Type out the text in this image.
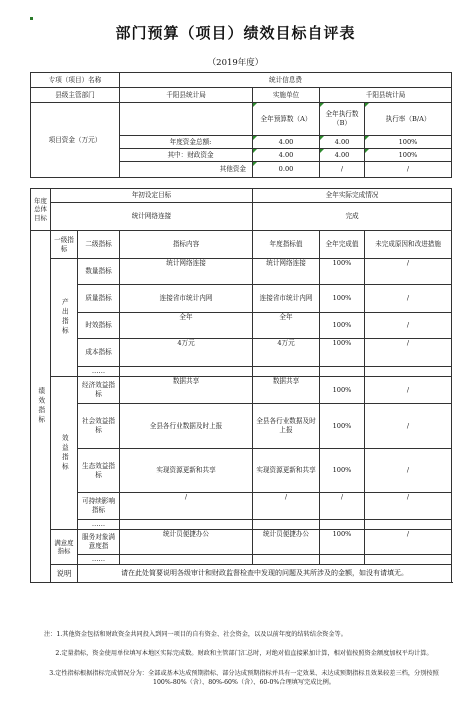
部门预算（项目）绩效目标自评表
（2019年度）
专项（项目）名称			统计信息费			
县级主管部门			千阳县统计局	实施单位	千阳县统计局	
项目资金（万元）				全年预算数（A）	全年执行数（B）	执行率（B/A）
			年度资金总额:	4.00	4.00	100%
			其中：财政资金	4.00	4.00	100%
			其他资金	0.00	/	/

年度总体目标	年初设定目标			全年实际完成情况		
	统计网络连接			完成		
绩效指标	一级指标	二级指标	指标内容	年度指标值	全年完成值	未完成原因和改进措施
	产出指标	数量指标	统计网络连接	统计网络连接	100%	/
		质量指标	连接省市统计内网	连接省市统计内网	100%	/
		时效指标	全年	全年	100%	/
		成本指标	4万元	4万元	100%	/
		……				
	效益指标	经济效益指标	数据共享	数据共享	100%	/
		社会效益指标	全县各行业数据及时上报	全县各行业数据及时上报	100%	/
		生态效益指标	实现资源更新和共享	实现资源更新和共享	100%	/
		可持续影响指标	/	/	/	/
		……				
	满意度指标	服务对象满意度指	统计员便捷办公	统计员便捷办公	100%	/
		……				
	说明	请在此处简要说明各级审计和财政监督检查中发现的问题及其所涉及的金额，如没有请填无。				
注：1.其他资金包括和财政资金共同投入到同一项目的自有资金、社会资金，以及以前年度的结转结余资金等。
2.定量指标，资金使用单位填写本地区实际完成数。财政和主管部门汇总时，对绝对值直接累加计算，相对值按照资金额度加权平均计算。
3.定性指标根据指标完成情况分为：全部或基本达成预期指标、部分达成预期指标并具有一定效果、未达成预期指标且效果较差三档，分别按照100%-80%（含）、80%-60%（含）、60-0%合理填写完成比例。
